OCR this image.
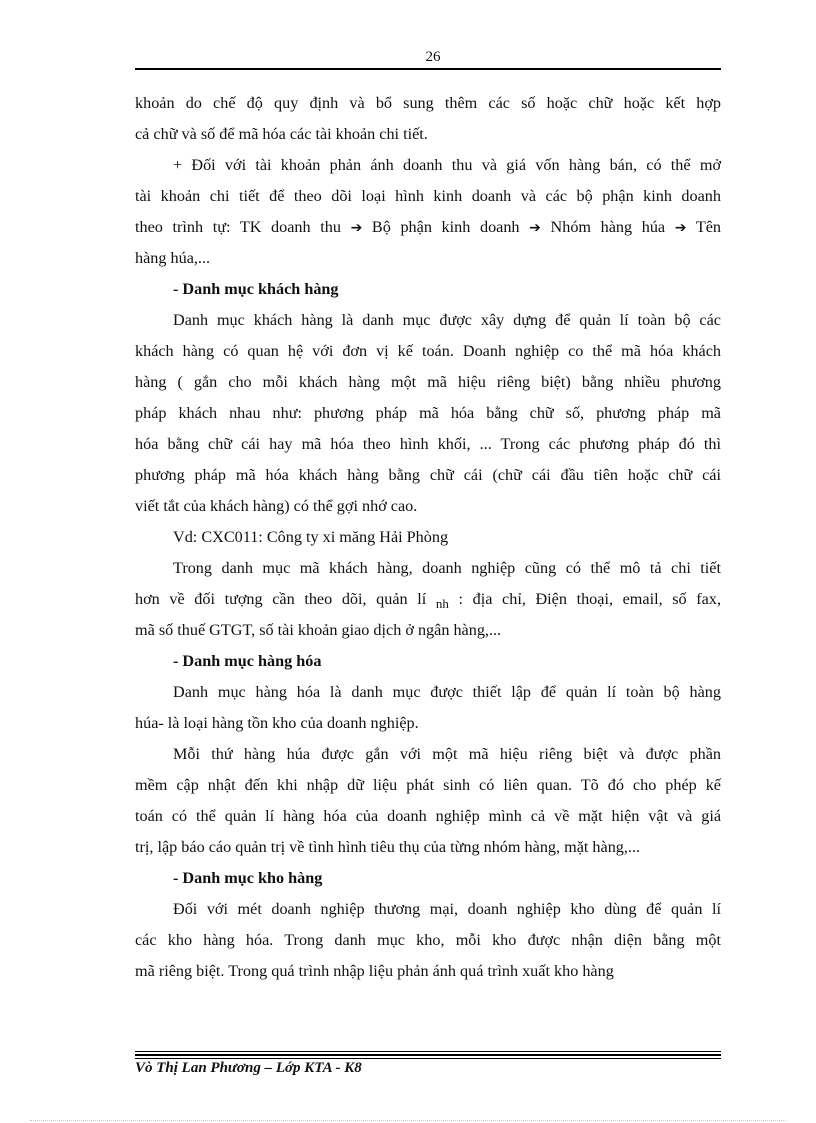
26
khoản do chế độ quy định và bổ sung thêm các số hoặc chữ hoặc kết hợp
cả chữ và số để mã hóa các tài khoản chi tiết.
+ Đối với tài khoản phản ánh doanh thu và giá vốn hàng bán, có thể mở
tài khoản chi tiết để theo dõi loại hình kinh doanh và các bộ phận kinh doanh
theo trình tự: TK doanh thu ➔ Bộ phận kinh doanh ➔ Nhóm hàng húa ➔ Tên
hàng húa,...
- Danh mục khách hàng
Danh mục khách hàng là danh mục được xây dựng để quản lí toàn bộ các
khách hàng có quan hệ với đơn vị kế toán. Doanh nghiệp co thể mã hóa khách
hàng ( gắn cho mỗi khách hàng một mã hiệu riêng biệt) bằng nhiều phương
pháp khách nhau như: phương pháp mã hóa bằng chữ số, phương pháp mã
hóa bằng chữ cái hay mã hóa theo hình khối, ... Trong các phương pháp đó thì
phương pháp mã hóa khách hàng bằng chữ cái (chữ cái đầu tiên hoặc chữ cái
viết tắt của khách hàng) có thể gợi nhớ cao.
Vd: CXC011: Công ty xi măng Hải Phòng
Trong danh mục mã khách hàng, doanh nghiệp cũng có thể mô tả chi tiết
hơn về đối tượng cần theo dõi, quản lí $_{nh}$ : địa chỉ, Điện thoại, email, số fax,
mã số thuế GTGT, số tài khoản giao dịch ở ngân hàng,...
- Danh mục hàng hóa
Danh mục hàng hóa là danh mục được thiết lập để quản lí toàn bộ hàng
húa- là loại hàng tồn kho của doanh nghiệp.
Mỗi thứ hàng húa được gắn với một mã hiệu riêng biệt và được phần
mềm cập nhật đến khi nhập dữ liệu phát sinh có liên quan. Tõ đó cho phép kế
toán có thể quản lí hàng hóa của doanh nghiệp mình cả về mặt hiện vật và giá
trị, lập báo cáo quản trị về tình hình tiêu thụ của từng nhóm hàng, mặt hàng,...
- Danh mục kho hàng
Đối với mét doanh nghiệp thương mại, doanh nghiệp kho dùng để quản lí
các kho hàng hóa. Trong danh mục kho, mỗi kho được nhận diện bằng một
mã riêng biệt. Trong quá trình nhập liệu phản ánh quá trình xuất kho hàng
Vò Thị Lan Phương – Lớp KTA - K8
